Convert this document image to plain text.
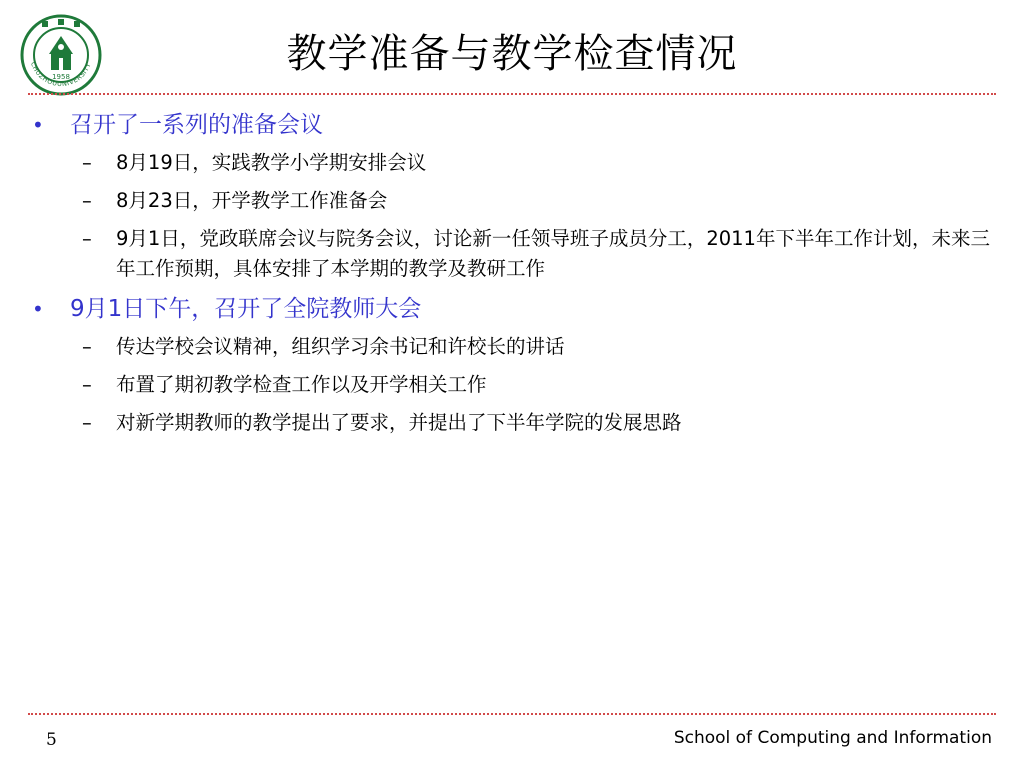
1958
CHUZHOUUNIVERSITY	教学准备与教学检查情况
• 召开了一系列的准备会议
– 8月19日，实践教学小学期安排会议
– 8月23日，开学教学工作准备会
– 9月1日，党政联席会议与院务会议，讨论新一任领导班子成员分工，2011年下半年工作计划，未来三年工作预期，具体安排了本学期的教学及教研工作
• 9月1日下午，召开了全院教师大会
– 传达学校会议精神，组织学习余书记和许校长的讲话
– 布置了期初教学检查工作以及开学相关工作
– 对新学期教师的教学提出了要求，并提出了下半年学院的发展思路
5	School of Computing and Information
